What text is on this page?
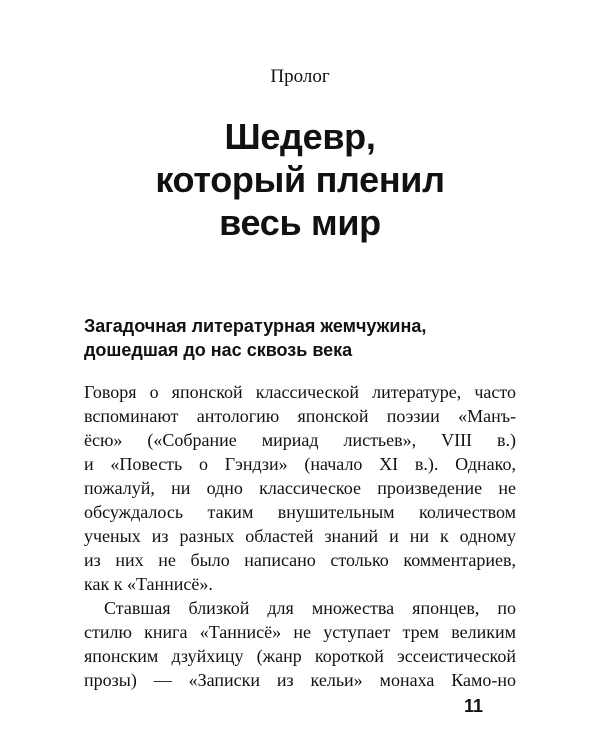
Пролог
Шедевр,
который пленил
весь мир
Загадочная литературная жемчужина,
дошедшая до нас сквозь века
Говоря о японской классической литературе, часто
вспоминают антологию японской поэзии «Манъ-
ёсю» («Собрание мириад листьев», VIII в.)
и «Повесть о Гэндзи» (начало XI в.). Однако,
пожалуй, ни одно классическое произведение не
обсуждалось таким внушительным количеством
ученых из разных областей знаний и ни к одному
из них не было написано столько комментариев,
как к «Таннисё».
Ставшая близкой для множества японцев, по
стилю книга «Таннисё» не уступает трем великим
японским дзуйхицу (жанр короткой эссеистической
прозы) — «Записки из кельи» монаха Камо-но
11
